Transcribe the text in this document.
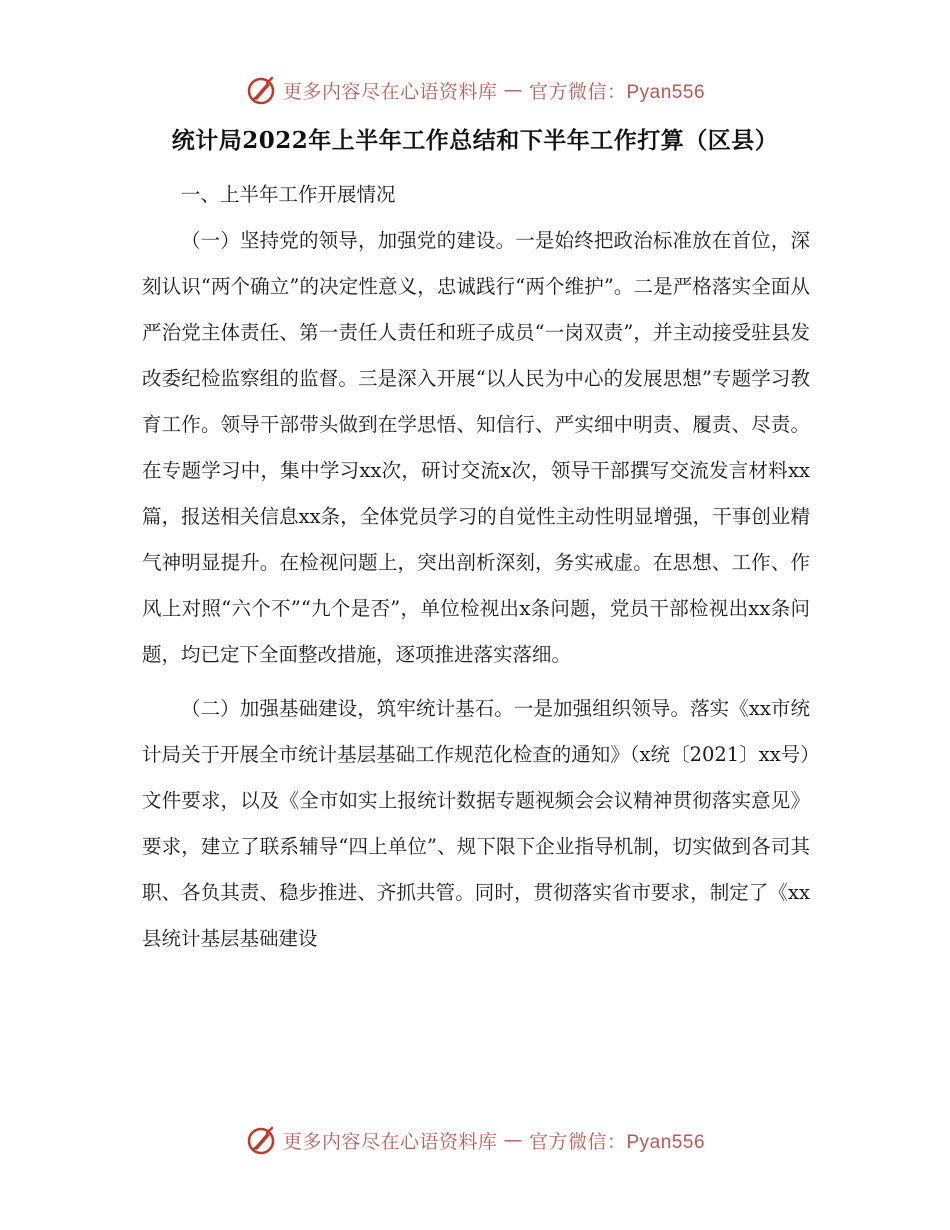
更多内容尽在心语资料库 — 官方微信：Pyan556
统计局2022年上半年工作总结和下半年工作打算（区县）

一、上半年工作开展情况

（一）坚持党的领导，加强党的建设。一是始终把政治标准放在首位，深刻认识“两个确立”的决定性意义，忠诚践行“两个维护”。二是严格落实全面从严治党主体责任、第一责任人责任和班子成员“一岗双责”，并主动接受驻县发改委纪检监察组的监督。三是深入开展“以人民为中心的发展思想”专题学习教育工作。领导干部带头做到在学思悟、知信行、严实细中明责、履责、尽责。在专题学习中，集中学习xx次，研讨交流x次，领导干部撰写交流发言材料xx篇，报送相关信息xx条，全体党员学习的自觉性主动性明显增强，干事创业精气神明显提升。在检视问题上，突出剖析深刻，务实戒虚。在思想、工作、作风上对照“六个不”“九个是否”，单位检视出x条问题，党员干部检视出xx条问题，均已定下全面整改措施，逐项推进落实落细。

（二）加强基础建设，筑牢统计基石。一是加强组织领导。落实《xx市统计局关于开展全市统计基层基础工作规范化检查的通知》（x统〔2021〕xx号）文件要求，以及《全市如实上报统计数据专题视频会会议精神贯彻落实意见》要求，建立了联系辅导“四上单位”、规下限下企业指导机制，切实做到各司其职、各负其责、稳步推进、齐抓共管。同时，贯彻落实省市要求，制定了《xx县统计基层基础建设

更多内容尽在心语资料库 — 官方微信：Pyan556
